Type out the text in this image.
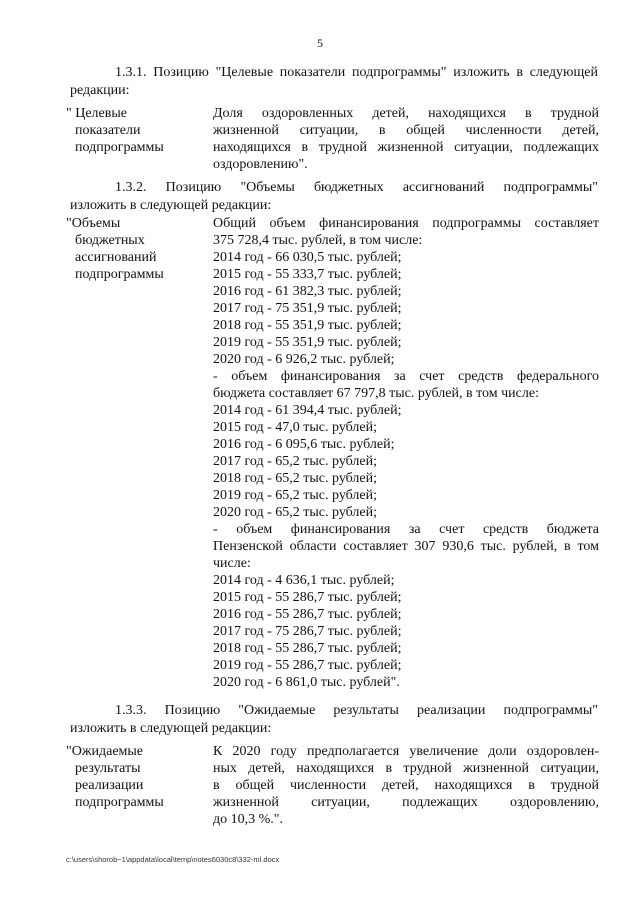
5
1.3.1. Позицию "Целевые показатели подпрограммы" изложить в следующей
редакции:
" Целевые
показатели
подпрограммы
Доля оздоровленных детей, находящихся в трудной
жизненной ситуации, в общей численности детей,
находящихся в трудной жизненной ситуации, подлежащих
оздоровлению".
1.3.2. Позицию "Объемы бюджетных ассигнований подпрограммы"
изложить в следующей редакции:
"Объемы
бюджетных
ассигнований
подпрограммы
Общий объем финансирования подпрограммы составляет
375 728,4 тыс. рублей, в том числе:
2014 год - 66 030,5 тыс. рублей;
2015 год - 55 333,7 тыс. рублей;
2016 год - 61 382,3 тыс. рублей;
2017 год - 75 351,9 тыс. рублей;
2018 год - 55 351,9 тыс. рублей;
2019 год - 55 351,9 тыс. рублей;
2020 год - 6 926,2 тыс. рублей;
- объем финансирования за счет средств федерального
бюджета составляет 67 797,8 тыс. рублей, в том числе:
2014 год - 61 394,4 тыс. рублей;
2015 год - 47,0 тыс. рублей;
2016 год - 6 095,6 тыс. рублей;
2017 год - 65,2 тыс. рублей;
2018 год - 65,2 тыс. рублей;
2019 год - 65,2 тыс. рублей;
2020 год - 65,2 тыс. рублей;
- объем финансирования за счет средств бюджета
Пензенской области составляет 307 930,6 тыс. рублей, в том
числе:
2014 год - 4 636,1 тыс. рублей;
2015 год - 55 286,7 тыс. рублей;
2016 год - 55 286,7 тыс. рублей;
2017 год - 75 286,7 тыс. рублей;
2018 год - 55 286,7 тыс. рублей;
2019 год - 55 286,7 тыс. рублей;
2020 год - 6 861,0 тыс. рублей".
1.3.3. Позицию "Ожидаемые результаты реализации подпрограммы"
изложить в следующей редакции:
"Ожидаемые
результаты
реализации
подпрограммы
К 2020 году предполагается увеличение доли оздоровлен-
ных детей, находящихся в трудной жизненной ситуации,
в общей численности детей, находящихся в трудной
жизненной ситуации, подлежащих оздоровлению,
до 10,3 %.".
c:\users\shorob~1\appdata\local\temp\notes6030c8\332-ml.docx
